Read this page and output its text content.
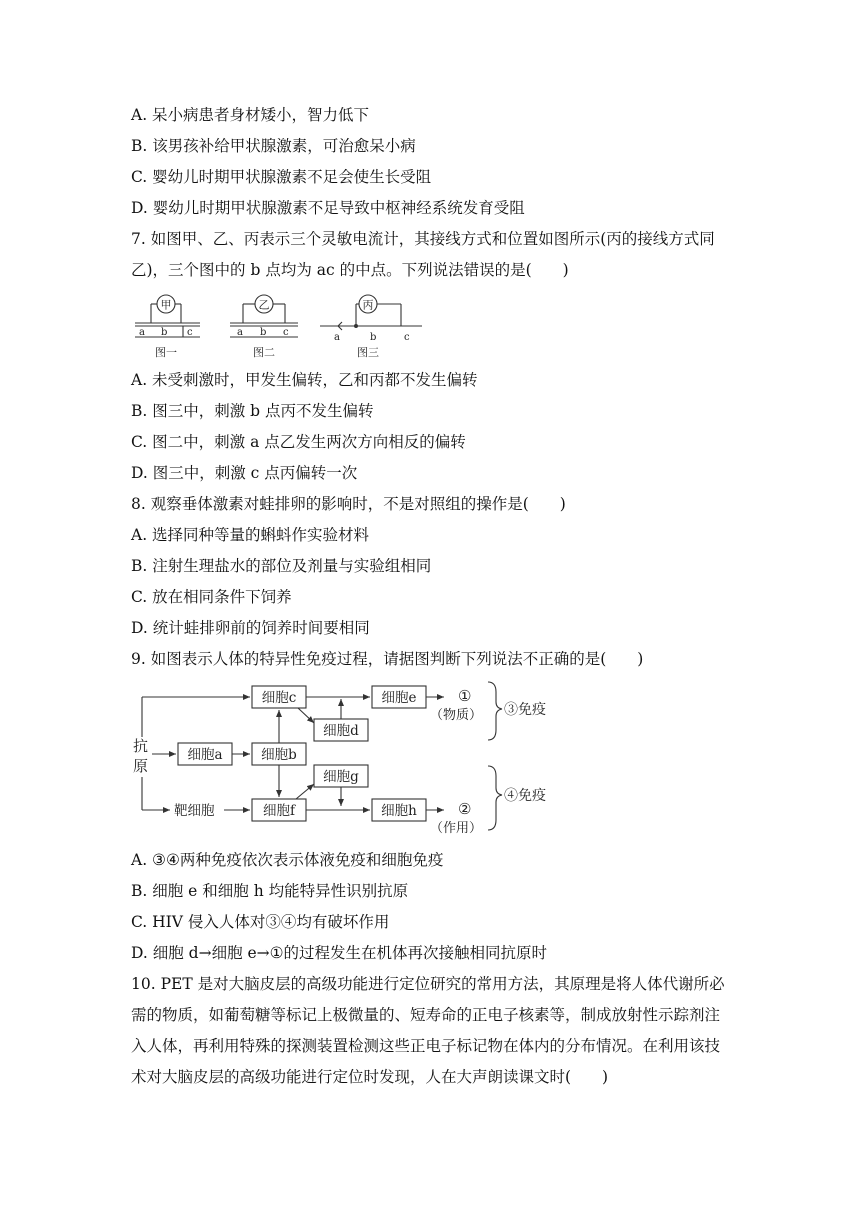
A. 呆小病患者身材矮小，智力低下
B. 该男孩补给甲状腺激素，可治愈呆小病
C. 婴幼儿时期甲状腺激素不足会使生长受阻
D. 婴幼儿时期甲状腺激素不足导致中枢神经系统发育受阻
7. 如图甲、乙、丙表示三个灵敏电流计，其接线方式和位置如图所示(丙的接线方式同
乙)，三个图中的 b 点均为 ac 的中点。下列说法错误的是(　　)
甲
a b c
图一
乙
a b c
图二
丙
a	b	c
图三
A. 未受刺激时，甲发生偏转，乙和丙都不发生偏转
B. 图三中，刺激 b 点丙不发生偏转
C. 图二中，刺激 a 点乙发生两次方向相反的偏转
D. 图三中，刺激 c 点丙偏转一次
8. 观察垂体激素对蛙排卵的影响时，不是对照组的操作是(　　)
A. 选择同种等量的蝌蚪作实验材料
B. 注射生理盐水的部位及剂量与实验组相同
C. 放在相同条件下饲养
D. 统计蛙排卵前的饲养时间要相同
9. 如图表示人体的特异性免疫过程，请据图判断下列说法不正确的是(　　)
抗
原
细胞c	细胞e
细胞d
细胞a	细胞b
细胞g
细胞f	细胞h
靶细胞
①
（物质）
②
（作用）
③免疫
④免疫
A. ③④两种免疫依次表示体液免疫和细胞免疫
B. 细胞 e 和细胞 h 均能特异性识别抗原
C. HIV 侵入人体对③④均有破坏作用
D. 细胞 d→细胞 e→①的过程发生在机体再次接触相同抗原时
10. PET 是对大脑皮层的高级功能进行定位研究的常用方法，其原理是将人体代谢所必
需的物质，如葡萄糖等标记上极微量的、短寿命的正电子核素等，制成放射性示踪剂注
入人体，再利用特殊的探测装置检测这些正电子标记物在体内的分布情况。在利用该技
术对大脑皮层的高级功能进行定位时发现，人在大声朗读课文时(　　)
